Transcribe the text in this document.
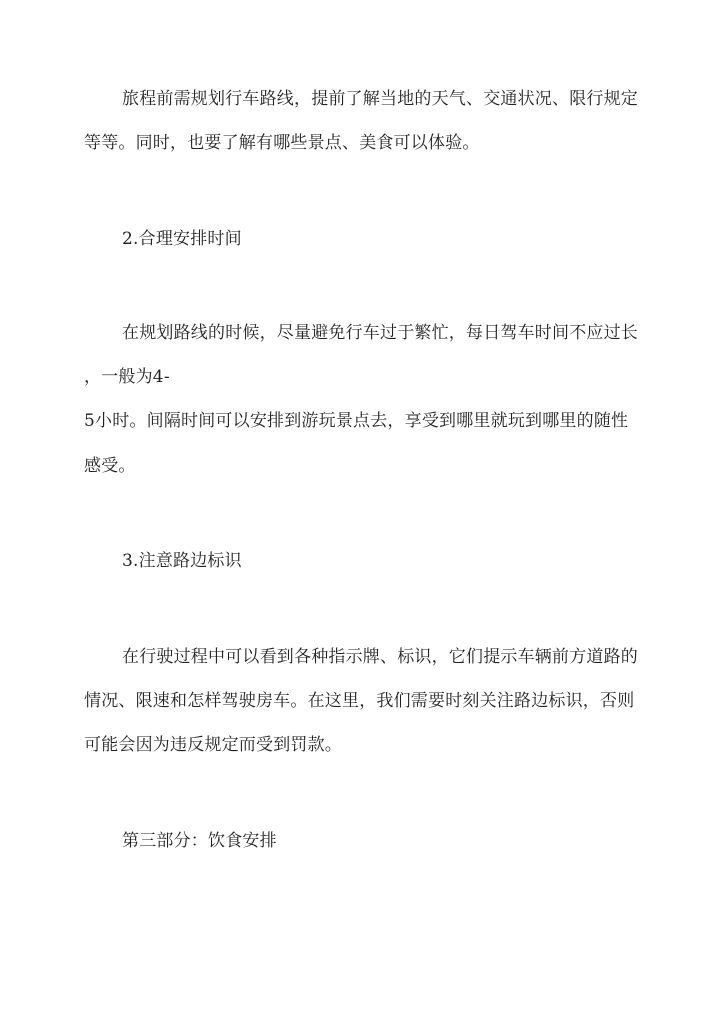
旅程前需规划行车路线，提前了解当地的天气、交通状况、限行规定
等等。同时，也要了解有哪些景点、美食可以体验。
2.合理安排时间
在规划路线的时候，尽量避免行车过于繁忙，每日驾车时间不应过长
，一般为4-
5小时。间隔时间可以安排到游玩景点去，享受到哪里就玩到哪里的随性
感受。
3.注意路边标识
在行驶过程中可以看到各种指示牌、标识，它们提示车辆前方道路的
情况、限速和怎样驾驶房车。在这里，我们需要时刻关注路边标识，否则
可能会因为违反规定而受到罚款。
第三部分：饮食安排
